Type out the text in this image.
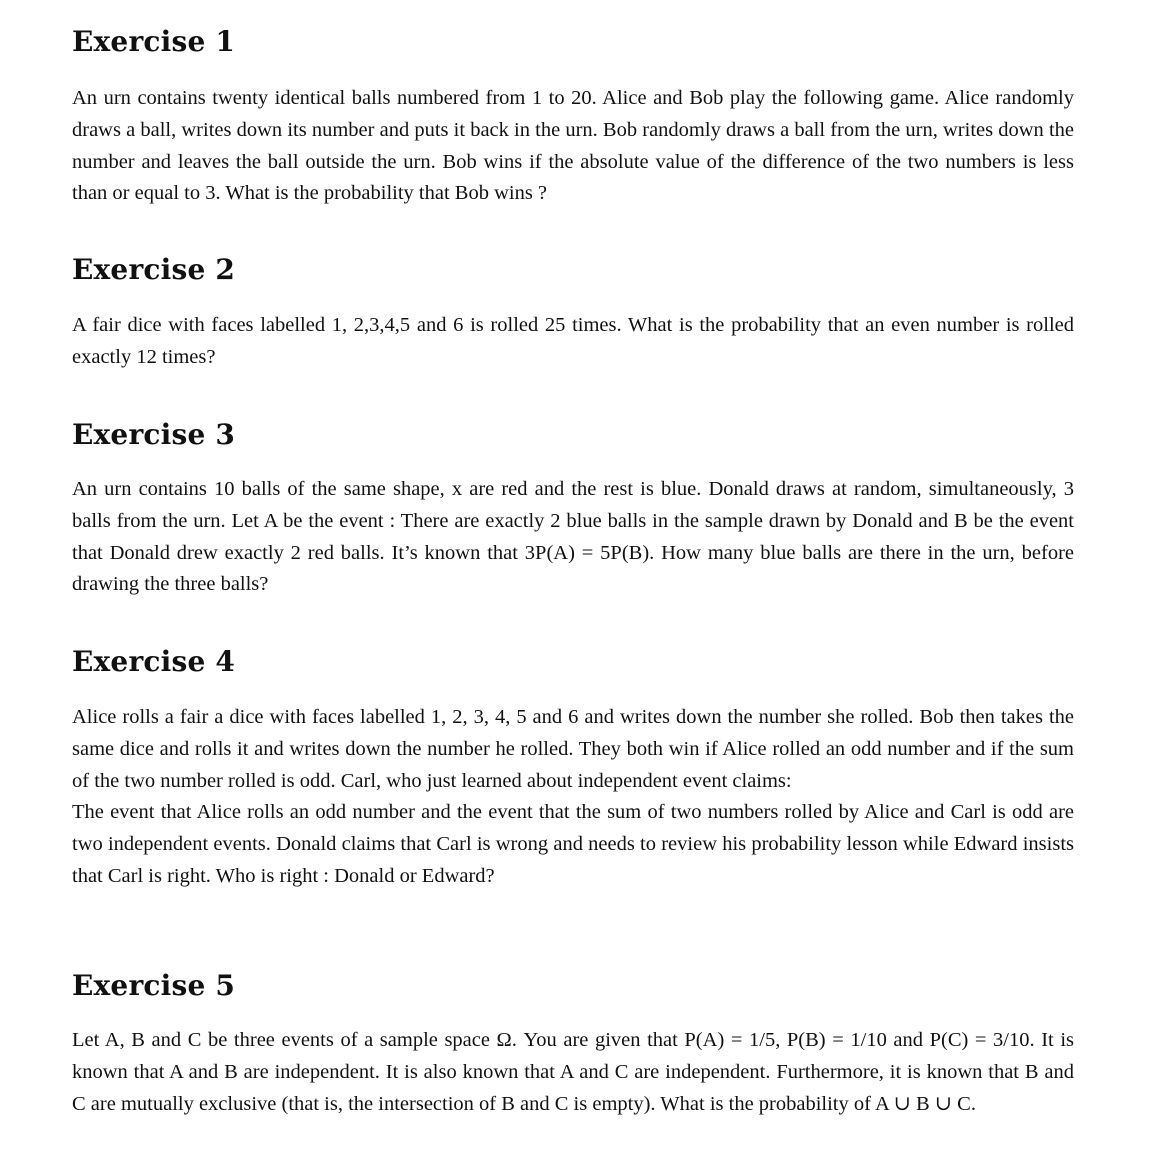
Exercise 1

An urn contains twenty identical balls numbered from 1 to 20. Alice and Bob play the following game. Alice randomly draws a ball, writes down its number and puts it back in the urn. Bob randomly draws a ball from the urn, writes down the number and leaves the ball outside the urn. Bob wins if the absolute value of the difference of the two numbers is less than or equal to 3. What is the probability that Bob wins ?

Exercise 2

A fair dice with faces labelled 1, 2,3,4,5 and 6 is rolled 25 times. What is the probability that an even number is rolled exactly 12 times?

Exercise 3

An urn contains 10 balls of the same shape, x are red and the rest is blue. Donald draws at random, simultaneously, 3 balls from the urn. Let A be the event : There are exactly 2 blue balls in the sample drawn by Donald and B be the event that Donald drew exactly 2 red balls. It’s known that 3P(A) = 5P(B). How many blue balls are there in the urn, before drawing the three balls?

Exercise 4

Alice rolls a fair a dice with faces labelled 1, 2, 3, 4, 5 and 6 and writes down the number she rolled. Bob then takes the same dice and rolls it and writes down the number he rolled. They both win if Alice rolled an odd number and if the sum of the two number rolled is odd. Carl, who just learned about independent event claims:

The event that Alice rolls an odd number and the event that the sum of two numbers rolled by Alice and Carl is odd are two independent events. Donald claims that Carl is wrong and needs to review his probability lesson while Edward insists that Carl is right. Who is right : Donald or Edward?

Exercise 5

Let A, B and C be three events of a sample space Ω. You are given that P(A) = 1/5, P(B) = 1/10 and P(C) = 3/10. It is known that A and B are independent. It is also known that A and C are independent. Furthermore, it is known that B and C are mutually exclusive (that is, the intersection of B and C is empty). What is the probability of A ∪ B ∪ C.
